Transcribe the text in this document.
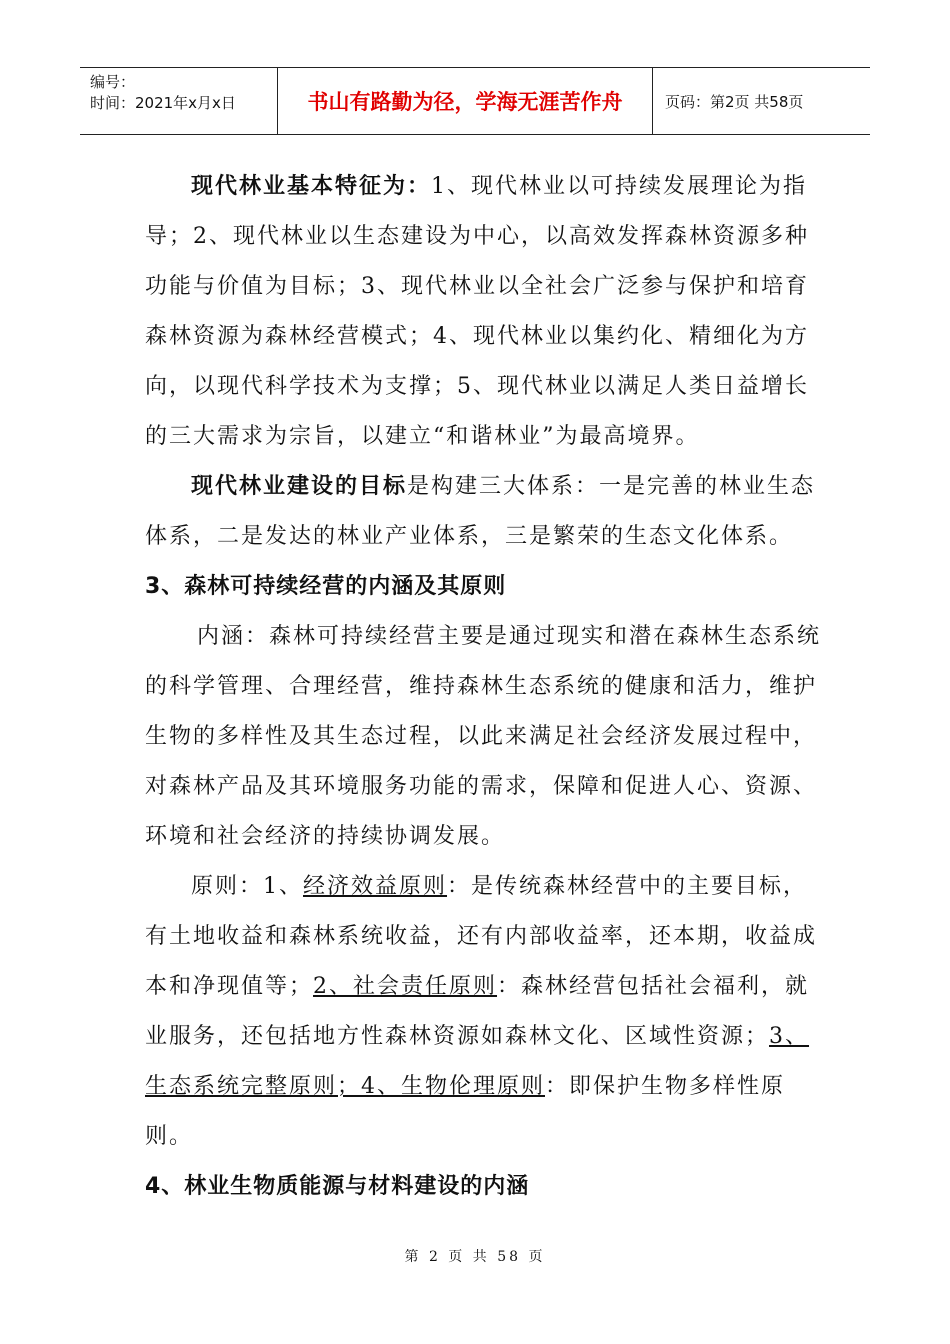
编号：
时间：2021年x月x日	书山有路勤为径，学海无涯苦作舟	页码：第2页 共58页

现代林业基本特征为：1、现代林业以可持续发展理论为指导；2、现代林业以生态建设为中心，以高效发挥森林资源多种功能与价值为目标；3、现代林业以全社会广泛参与保护和培育森林资源为森林经营模式；4、现代林业以集约化、精细化为方向，以现代科学技术为支撑；5、现代林业以满足人类日益增长的三大需求为宗旨，以建立“和谐林业”为最高境界。

现代林业建设的目标是构建三大体系：一是完善的林业生态体系，二是发达的林业产业体系，三是繁荣的生态文化体系。

3、森林可持续经营的内涵及其原则

内涵：森林可持续经营主要是通过现实和潜在森林生态系统的科学管理、合理经营，维持森林生态系统的健康和活力，维护生物的多样性及其生态过程，以此来满足社会经济发展过程中，对森林产品及其环境服务功能的需求，保障和促进人心、资源、环境和社会经济的持续协调发展。

原则：1、经济效益原则：是传统森林经营中的主要目标，有土地收益和森林系统收益，还有内部收益率，还本期，收益成本和净现值等；2、社会责任原则：森林经营包括社会福利，就业服务，还包括地方性森林资源如森林文化、区域性资源；3、生态系统完整原则；4、生物伦理原则：即保护生物多样性原则。

4、林业生物质能源与材料建设的内涵

第 2 页 共 58 页
